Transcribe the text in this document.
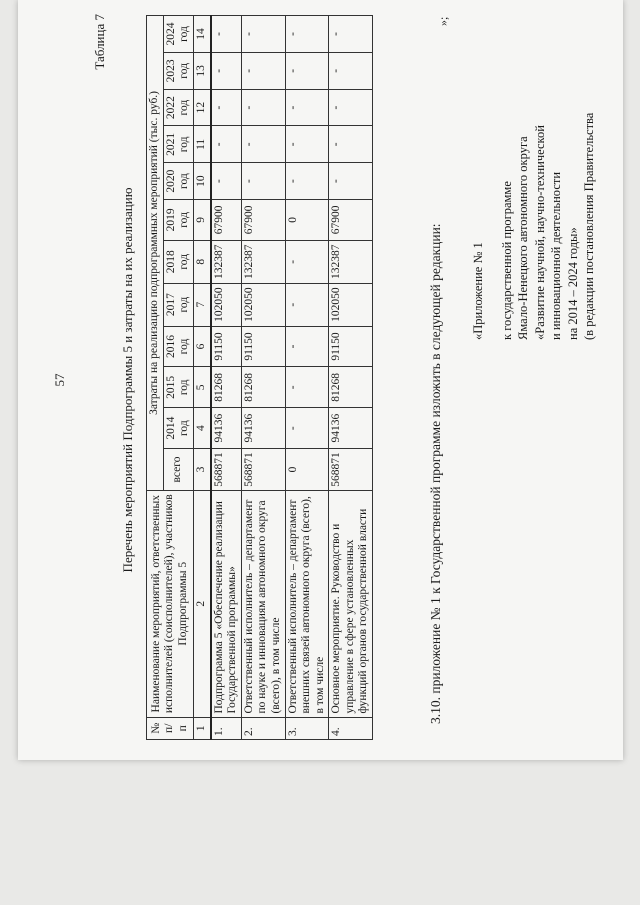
57
Таблица 7
Перечень мероприятий Подпрограммы 5 и затраты на их реализацию
№ п/п	Наименование мероприятий, ответственных исполнителей (соисполнителей), участников Подпрограммы 5	Затраты на реализацию подпрограммных мероприятий (тыс. руб.)											
		всего	2014 год	2015 год	2016 год	2017 год	2018 год	2019 год	2020 год	2021 год	2022 год	2023 год	2024 год
1	2	3	4	5	6	7	8	9	10	11	12	13	14
1.	Подпрограмма 5 «Обеспечение реализации Государственной программы»	568871	94136	81268	91150	102050	132387	67900	-	-	-	-	-
2.	Ответственный исполнитель – департамент по науке и инновациям автономного округа (всего), в том числе	568871	94136	81268	91150	102050	132387	67900	-	-	-	-	-
3.	Ответственный исполнитель – департамент внешних связей автономного округа (всего), в том числе	0	-	-	-	-	-	0	-	-	-	-	-
4.	Основное мероприятие. Руководство и управление в сфере установленных функций органов государственной власти	568871	94136	81268	91150	102050	132387	67900	-	-	-	-	-
3.10. приложение № 1 к Государственной программе изложить в следующей редакции:
»;
«Приложение № 1 к государственной программе Ямало-Ненецкого автономного округа «Развитие научной, научно-технической и инновационной деятельности на 2014 – 2024 годы» (в редакции постановления Правительства
